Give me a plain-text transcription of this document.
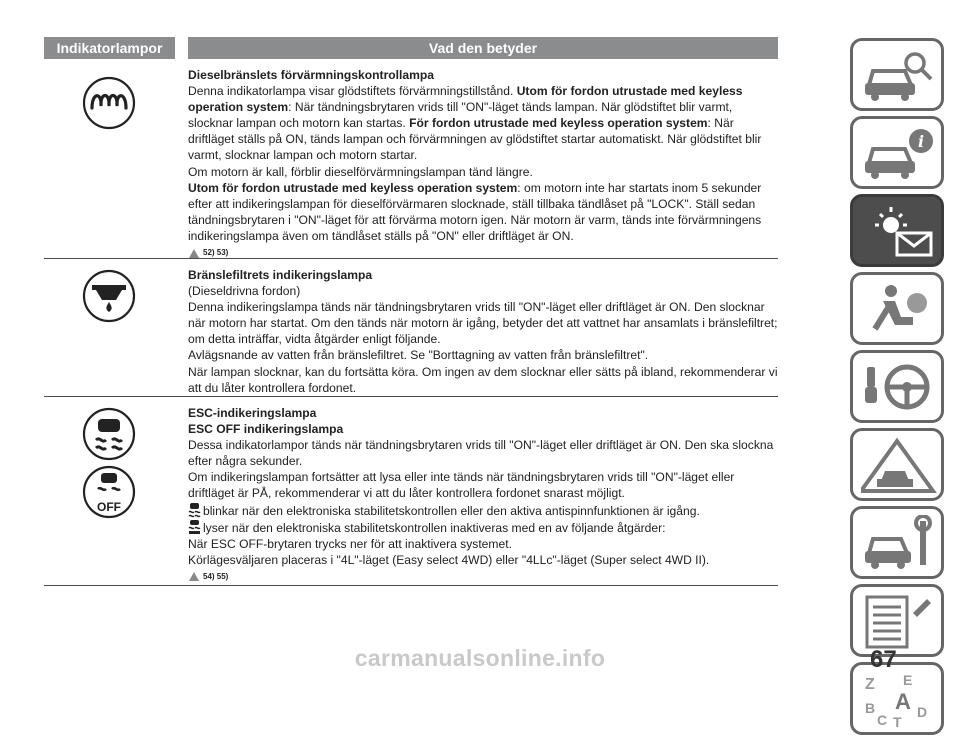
Indikatorlampor	Vad den betyder

Dieselbränslets förvärmningskontrollampa

Denna indikatorlampa visar glödstiftets förvärmningstillstånd. Utom för fordon utrustade med keyless operation system: När tändningsbrytaren vrids till "ON"-läget tänds lampan. När glödstiftet blir varmt, slocknar lampan och motorn kan startas. För fordon utrustade med keyless operation system: När driftläget ställs på ON, tänds lampan och förvärmningen av glödstiftet startar automatiskt. När glödstiftet blir varmt, slocknar lampan och motorn startar.

Om motorn är kall, förblir dieselförvärmningslampan tänd längre.

Utom för fordon utrustade med keyless operation system: om motorn inte har startats inom 5 sekunder efter att indikeringslampan för dieselförvärmaren slocknade, ställ tillbaka tändlåset på "LOCK". Ställ sedan tändningsbrytaren i "ON"-läget för att förvärma motorn igen. När motorn är varm, tänds inte förvärmningens indikeringslampa även om tändlåset ställs på "ON" eller driftläget är ON.

52) 53)

Bränslefiltrets indikeringslampa

(Dieseldrivna fordon)

Denna indikeringslampa tänds när tändningsbrytaren vrids till "ON"-läget eller driftläget är ON. Den slocknar när motorn har startat. Om den tänds när motorn är igång, betyder det att vattnet har ansamlats i bränslefiltret; om detta inträffar, vidta åtgärder enligt följande.

Avlägsnande av vatten från bränslefiltret. Se "Borttagning av vatten från bränslefiltret".

När lampan slocknar, kan du fortsätta köra. Om ingen av dem slocknar eller sätts på ibland, rekommenderar vi att du låter kontrollera fordonet.

OFF

ESC-indikeringslampa

ESC OFF indikeringslampa

Dessa indikatorlampor tänds när tändningsbrytaren vrids till "ON"-läget eller driftläget är ON. Den ska slockna efter några sekunder.

Om indikeringslampan fortsätter att lysa eller inte tänds när tändningsbrytaren vrids till "ON"-läget eller driftläget är PÅ, rekommenderar vi att du låter kontrollera fordonet snarast möjligt.

blinkar när den elektroniska stabilitetskontrollen eller den aktiva antispinnfunktionen är igång.

lyser när den elektroniska stabilitetskontrollen inaktiveras med en av följande åtgärder:

När ESC OFF-brytaren trycks ner för att inaktivera systemet.

Körlägesväljaren placeras i "4L"-läget (Easy select 4WD) eller "4LLc"-läget (Super select 4WD II).

54) 55)
i
Z E
B A
C T
D
67
carmanualsonline.info
